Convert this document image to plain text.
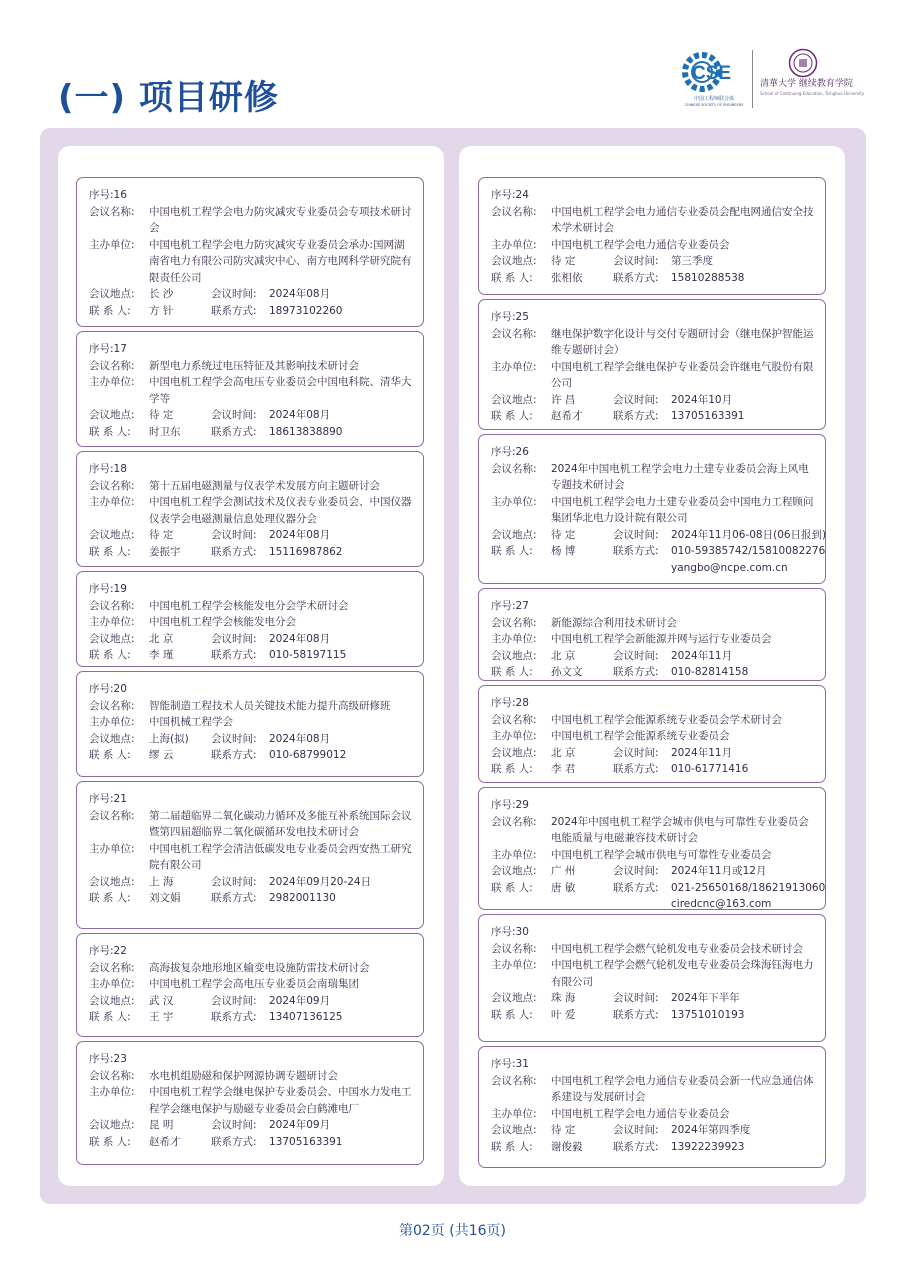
(一) 项目研修
CSE
中国工程师联合体
CHINESE SOCIETY OF ENGINEERS
清華大学 继续教育学院
School of Continuing Education, Tsinghua University
序号: 16
会议名称:	中国电机工程学会电力防灾减灾专业委员会专项技术研讨会
主办单位:	中国电机工程学会电力防灾减灾专业委员会承办:国网湖南省电力有限公司防灾减灾中心、南方电网科学研究院有限责任公司
会议地点:	长 沙	会议时间:	2024年08月
联 系 人:	方 针	联系方式:	18973102260
序号: 17
会议名称:	新型电力系统过电压特征及其影响技术研讨会
主办单位:	中国电机工程学会高电压专业委员会中国电科院、清华大学等
会议地点:	待 定	会议时间:	2024年08月
联 系 人:	时卫东	联系方式:	18613838890
序号: 18
会议名称:	第十五届电磁测量与仪表学术发展方向主题研讨会
主办单位:	中国电机工程学会测试技术及仪表专业委员会、中国仪器仪表学会电磁测量信息处理仪器分会
会议地点:	待 定	会议时间:	2024年08月
联 系 人:	姜振宇	联系方式:	15116987862
序号: 19
会议名称:	中国电机工程学会核能发电分会学术研讨会
主办单位:	中国电机工程学会核能发电分会
会议地点:	北 京	会议时间:	2024年08月
联 系 人:	李 瑾	联系方式:	010-58197115
序号: 20
会议名称:	智能制造工程技术人员关键技术能力提升高级研修班
主办单位:	中国机械工程学会
会议地点:	上海(拟)	会议时间:	2024年08月
联 系 人:	缪 云	联系方式:	010-68799012
序号: 21
会议名称:	第二届超临界二氧化碳动力循环及多能互补系统国际会议暨第四届超临界二氧化碳循环发电技术研讨会
主办单位:	中国电机工程学会清洁低碳发电专业委员会西安热工研究院有限公司
会议地点:	上 海	会议时间:	2024年09月20-24日
联 系 人:	刘文娟	联系方式:	2982001130
序号: 22
会议名称:	高海拔复杂地形地区输变电设施防雷技术研讨会
主办单位:	中国电机工程学会高电压专业委员会南瑞集团
会议地点:	武 汉	会议时间:	2024年09月
联 系 人:	王 宇	联系方式:	13407136125
序号: 23
会议名称:	水电机组励磁和保护网源协调专题研讨会
主办单位:	中国电机工程学会继电保护专业委员会、中国水力发电工程学会继电保护与励磁专业委员会白鹤滩电厂
会议地点:	昆 明	会议时间:	2024年09月
联 系 人:	赵希才	联系方式:	13705163391
序号: 24
会议名称:	中国电机工程学会电力通信专业委员会配电网通信安全技术学术研讨会
主办单位:	中国电机工程学会电力通信专业委员会
会议地点:	待 定	会议时间:	第三季度
联 系 人:	张相依	联系方式:	15810288538
序号: 25
会议名称:	继电保护数字化设计与交付专题研讨会（继电保护智能运维专题研讨会）
主办单位:	中国电机工程学会继电保护专业委员会许继电气股份有限公司
会议地点:	许 昌	会议时间:	2024年10月
联 系 人:	赵希才	联系方式:	13705163391
序号: 26
会议名称:	2024年中国电机工程学会电力土建专业委员会海上风电专题技术研讨会
主办单位:	中国电机工程学会电力土建专业委员会中国电力工程顾问集团华北电力设计院有限公司
会议地点:	待 定	会议时间:	2024年11月06-08日(06日报到)
联 系 人:	杨 博	联系方式:	010-59385742/15810082276
yangbo@ncpe.com.cn
序号: 27
会议名称:	新能源综合利用技术研讨会
主办单位:	中国电机工程学会新能源并网与运行专业委员会
会议地点:	北 京	会议时间:	2024年11月
联 系 人:	孙文文	联系方式:	010-82814158
序号: 28
会议名称:	中国电机工程学会能源系统专业委员会学术研讨会
主办单位:	中国电机工程学会能源系统专业委员会
会议地点:	北 京	会议时间:	2024年11月
联 系 人:	李 君	联系方式:	010-61771416
序号: 29
会议名称:	2024年中国电机工程学会城市供电与可靠性专业委员会电能质量与电磁兼容技术研讨会
主办单位:	中国电机工程学会城市供电与可靠性专业委员会
会议地点:	广 州	会议时间:	2024年11月或12月
联 系 人:	唐 敏	联系方式:	021-25650168/18621913060
ciredcnc@163.com
序号: 30
会议名称:	中国电机工程学会燃气轮机发电专业委员会技术研讨会
主办单位:	中国电机工程学会燃气轮机发电专业委员会珠海钰海电力有限公司
会议地点:	珠 海	会议时间:	2024年下半年
联 系 人:	叶 爱	联系方式:	13751010193
序号: 31
会议名称:	中国电机工程学会电力通信专业委员会新一代应急通信体系建设与发展研讨会
主办单位:	中国电机工程学会电力通信专业委员会
会议地点:	待 定	会议时间:	2024年第四季度
联 系 人:	谢俊毅	联系方式:	13922239923
第02页 (共16页)
